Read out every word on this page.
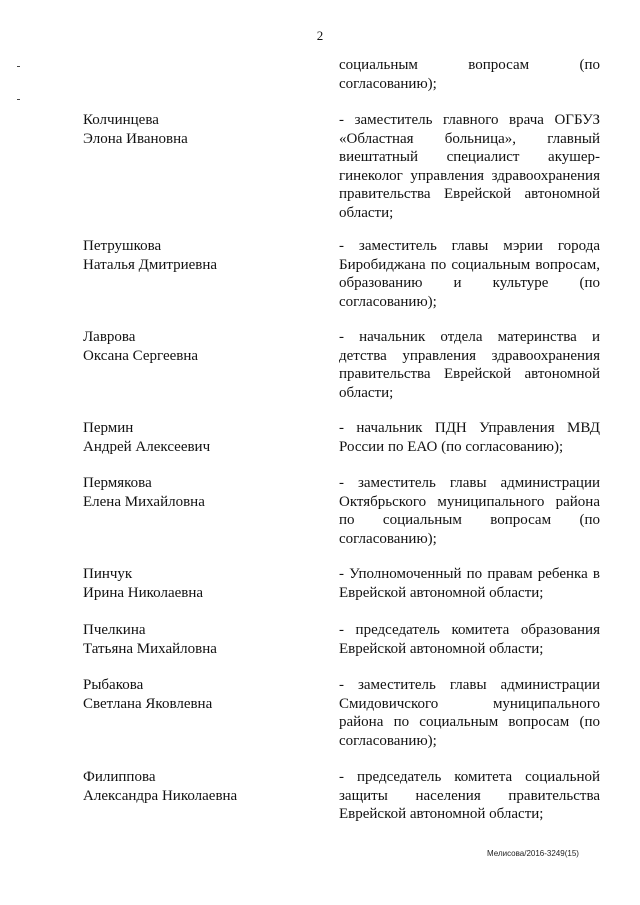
2
социальным вопросам (по
согласованию);
Колчинцева
Элона Ивановна
- заместитель главного врача ОГБУЗ
«Областная больница», главный
виештатный специалист акушер-
гинеколог управления здравоохранения
правительства Еврейской автономной
области;
Петрушкова
Наталья Дмитриевна
- заместитель главы мэрии города
Биробиджана по социальным вопросам,
образованию и культуре (по
согласованию);
Лаврова
Оксана Сергеевна
- начальник отдела материнства и
детства управления здравоохранения
правительства Еврейской автономной
области;
Пермин
Андрей Алексеевич
- начальник ПДН Управления МВД
России по ЕАО (по согласованию);
Пермякова
Елена Михайловна
- заместитель главы администрации
Октябрьского муниципального района
по социальным вопросам (по
согласованию);
Пинчук
Ирина Николаевна
- Уполномоченный по правам ребенка в
Еврейской автономной области;
Пчелкина
Татьяна Михайловна
- председатель комитета образования
Еврейской автономной области;
Рыбакова
Светлана Яковлевна
- заместитель главы администрации
Смидовичского муниципального
района по социальным вопросам (по
согласованию);
Филиппова
Александра Николаевна
- председатель комитета социальной
защиты населения правительства
Еврейской автономной области;
Мелисова/2016-3249(15)
